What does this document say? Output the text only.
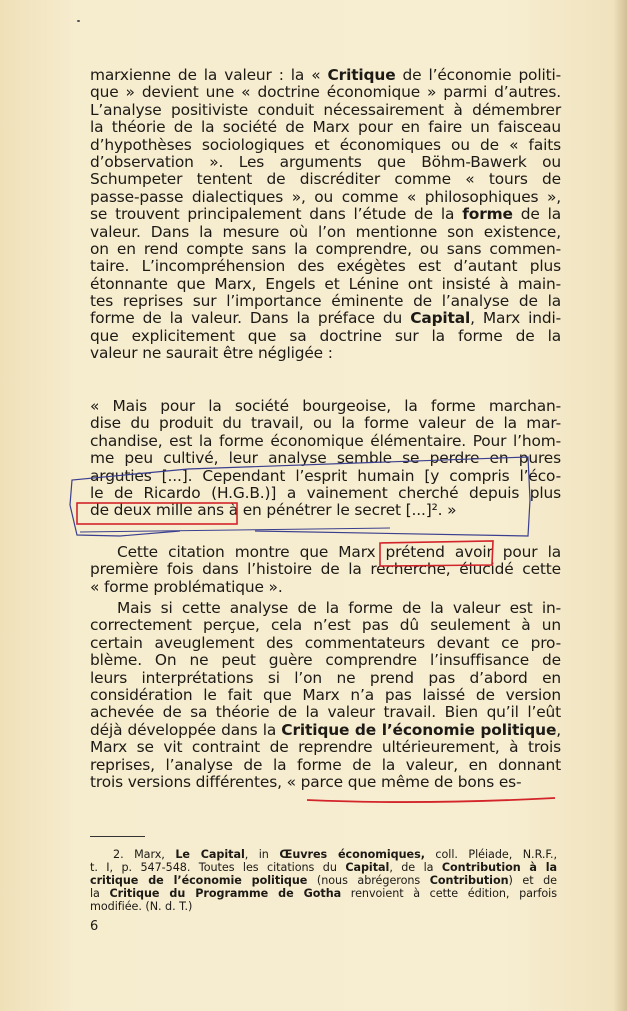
marxienne de la valeur : la « Critique de l’économie politi-
que » devient une « doctrine économique » parmi d’autres.
L’analyse positiviste conduit nécessairement à démembrer
la théorie de la société de Marx pour en faire un faisceau
d’hypothèses sociologiques et économiques ou de « faits
d’observation ». Les arguments que Böhm-Bawerk ou
Schumpeter tentent de discréditer comme « tours de
passe-passe dialectiques », ou comme « philosophiques »,
se trouvent principalement dans l’étude de la forme de la
valeur. Dans la mesure où l’on mentionne son existence,
on en rend compte sans la comprendre, ou sans commen-
taire. L’incompréhension des exégètes est d’autant plus
étonnante que Marx, Engels et Lénine ont insisté à main-
tes reprises sur l’importance éminente de l’analyse de la
forme de la valeur. Dans la préface du Capital, Marx indi-
que explicitement que sa doctrine sur la forme de la
valeur ne saurait être négligée :
« Mais pour la société bourgeoise, la forme marchan-
dise du produit du travail, ou la forme valeur de la mar-
chandise, est la forme économique élémentaire. Pour l’hom-
me peu cultivé, leur analyse semble se perdre en pures
arguties [...]. Cependant l’esprit humain [y compris l’éco-
le de Ricardo (H.G.B.)] a vainement cherché depuis plus
de deux mille ans à en pénétrer le secret [...]². »
Cette citation montre que Marx prétend avoir pour la
première fois dans l’histoire de la recherche, élucidé cette
« forme problématique ».
Mais si cette analyse de la forme de la valeur est in-
correctement perçue, cela n’est pas dû seulement à un
certain aveuglement des commentateurs devant ce pro-
blème. On ne peut guère comprendre l’insuffisance de
leurs interprétations si l’on ne prend pas d’abord en
considération le fait que Marx n’a pas laissé de version
achevée de sa théorie de la valeur travail. Bien qu’il l’eût
déjà développée dans la Critique de l’économie politique,
Marx se vit contraint de reprendre ultérieurement, à trois
reprises, l’analyse de la forme de la valeur, en donnant
trois versions différentes, « parce que même de bons es-
2. Marx, Le Capital, in Œuvres économiques, coll. Pléiade, N.R.F.,
t. I, p. 547-548. Toutes les citations du Capital, de la Contribution à la
critique de l’économie politique (nous abrégerons Contribution) et de
la Critique du Programme de Gotha renvoient à cette édition, parfois
modifiée. (N. d. T.)
6
